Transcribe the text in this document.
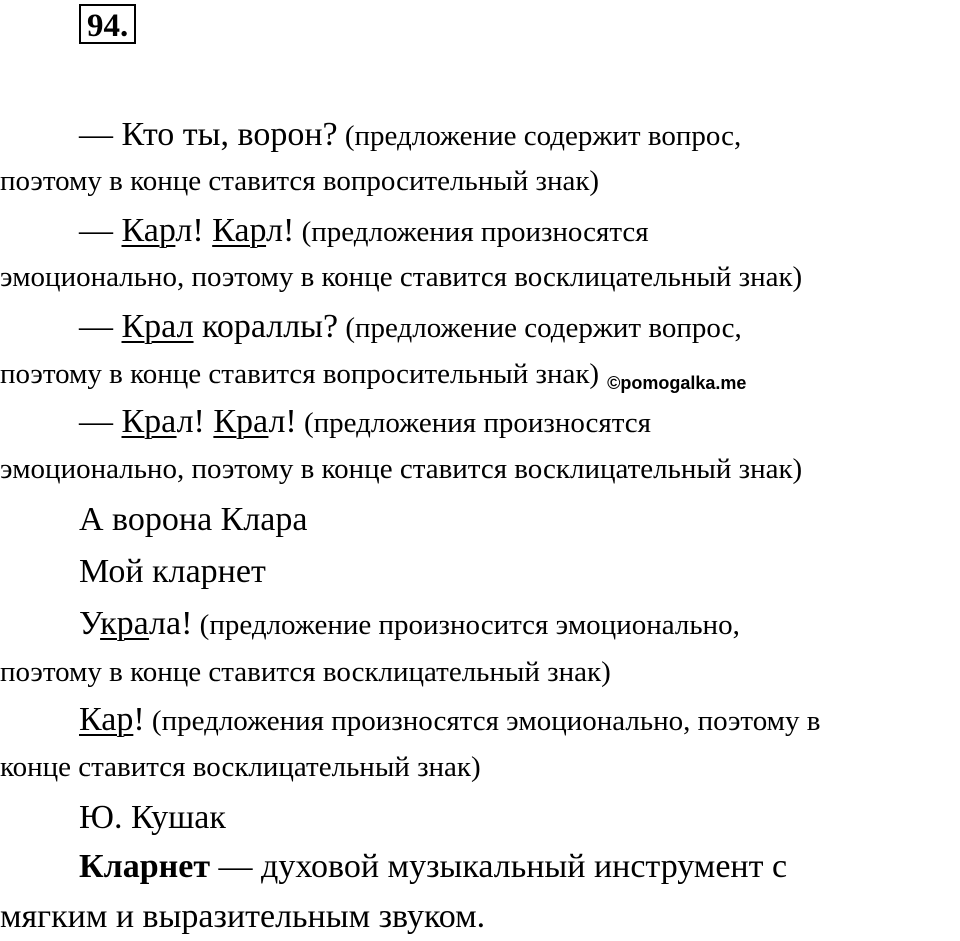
94.
— Кто ты, ворон? (предложение содержит вопрос,
поэтому в конце ставится вопросительный знак)
— Карл! Карл! (предложения произносятся
эмоционально, поэтому в конце ставится восклицательный знак)
— Крал кораллы? (предложение содержит вопрос,
поэтому в конце ставится вопросительный знак) $_{©pomogalka.me}$
— Крал! Крал! (предложения произносятся
эмоционально, поэтому в конце ставится восклицательный знак)
А ворона Клара
Мой кларнет
Украла! (предложение произносится эмоционально,
поэтому в конце ставится восклицательный знак)
Кар! (предложения произносятся эмоционально, поэтому в
конце ставится восклицательный знак)
Ю. Кушак
Кларнет — духовой музыкальный инструмент с
мягким и выразительным звуком.
